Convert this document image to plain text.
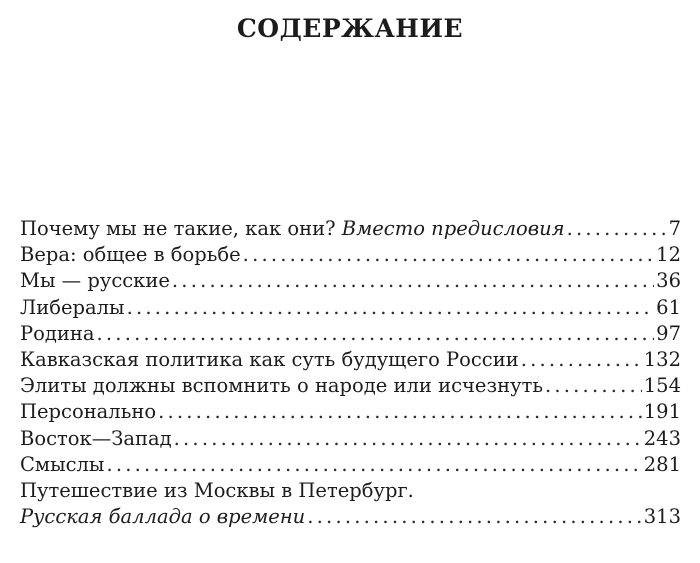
СОДЕРЖАНИЕ
Почему мы не такие, как они? Вместо предисловия . . .	7
Вера: общее в борьбе . . .	12
Мы — русские . . .	36
Либералы . . .	61
Родина . . .	97
Кавказская политика как суть будущего России . . .	132
Элиты должны вспомнить о народе или исчезнуть . . .	154
Персонально . . .	191
Восток—Запад . . .	243
Смыслы . . .	281
Путешествие из Москвы в Петербург.
Русская баллада о времени . . .	313
